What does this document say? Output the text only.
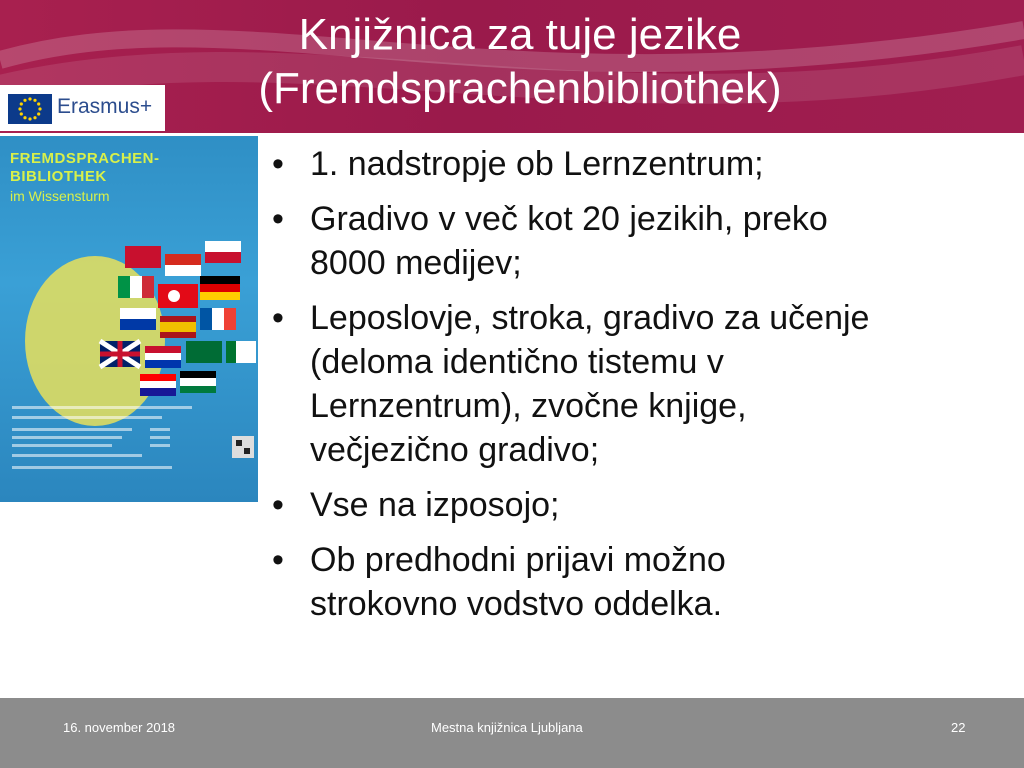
Knjižnica za tuje jezike
(Fremdsprachenbibliothek)
Erasmus+
FREMDSPRACHEN-
BIBLIOTHEK
im Wissensturm
• 1. nadstropje ob Lernzentrum;
• Gradivo v več kot 20 jezikih, preko
8000 medijev;
• Leposlovje, stroka, gradivo za učenje
(deloma identično tistemu v
Lernzentrum), zvočne knjige,
večjezično gradivo;
• Vse na izposojo;
• Ob predhodni prijavi možno
strokovno vodstvo oddelka.
16. november 2018	Mestna knjižnica Ljubljana	22
